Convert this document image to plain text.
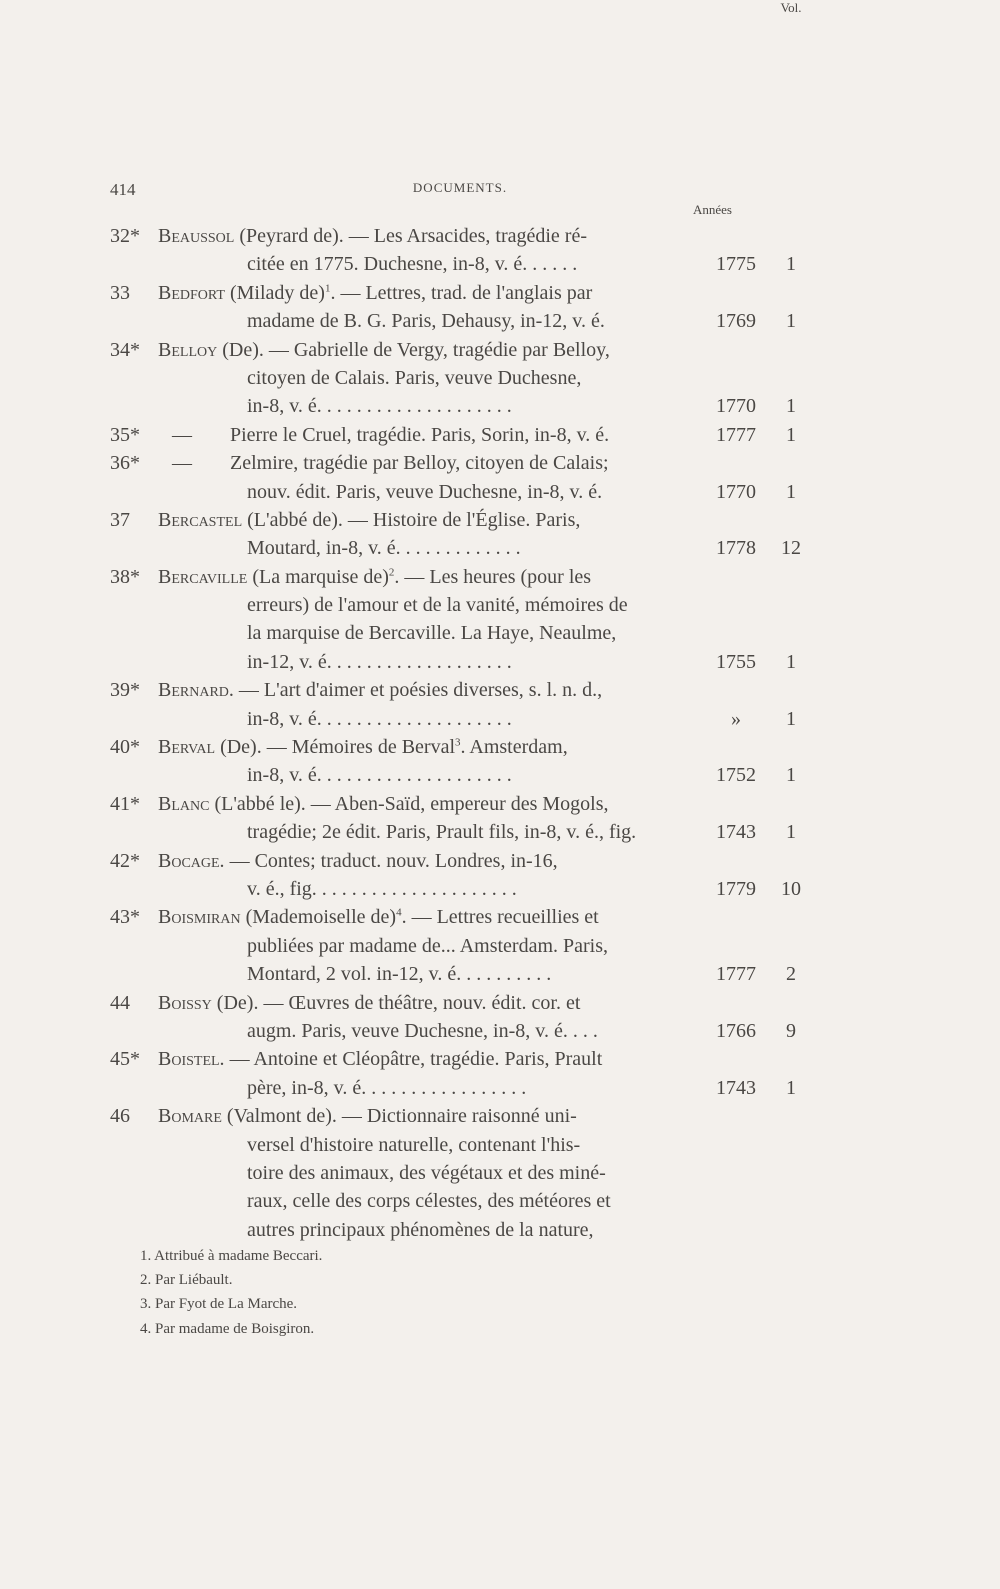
414	DOCUMENTS.
Années
Vol.
32* Beaussol (Peyrard de). — Les Arsacides, tragédie ré-
citée en 1775. Duchesne, in-8, v. é. . . . . .	1775	1
33 Bedfort (Milady de)$^1$. — Lettres, trad. de l'anglais par
madame de B. G. Paris, Dehausy, in-12, v. é.	1769	1
34* Belloy (De). — Gabrielle de Vergy, tragédie par Belloy,
citoyen de Calais. Paris, veuve Duchesne,
in-8, v. é. . . . . . . . . . . . . . . . . . . .	1770	1
35* — Pierre le Cruel, tragédie. Paris, Sorin, in-8, v. é.	1777	1
36* — Zelmire, tragédie par Belloy, citoyen de Calais;
nouv. édit. Paris, veuve Duchesne, in-8, v. é.	1770	1
37 Bercastel (L'abbé de). — Histoire de l'Église. Paris,
Moutard, in-8, v. é. . . . . . . . . . . . .	1778	12
38* Bercaville (La marquise de)$^2$. — Les heures (pour les
erreurs) de l'amour et de la vanité, mémoires de
la marquise de Bercaville. La Haye, Neaulme,
in-12, v. é. . . . . . . . . . . . . . . . . . .	1755	1
39* Bernard. — L'art d'aimer et poésies diverses, s. l. n. d.,
in-8, v. é. . . . . . . . . . . . . . . . . . . .	»	1
40* Berval (De). — Mémoires de Berval$^3$. Amsterdam,
in-8, v. é. . . . . . . . . . . . . . . . . . . .	1752	1
41* Blanc (L'abbé le). — Aben-Saïd, empereur des Mogols,
tragédie; 2e édit. Paris, Prault fils, in-8, v. é., fig.	1743	1
42* Bocage. — Contes; traduct. nouv. Londres, in-16,
v. é., fig. . . . . . . . . . . . . . . . . . . . .	1779	10
43* Boismiran (Mademoiselle de)$^4$. — Lettres recueillies et
publiées par madame de... Amsterdam. Paris,
Montard, 2 vol. in-12, v. é. . . . . . . . . .	1777	2
44 Boissy (De). — Œuvres de théâtre, nouv. édit. cor. et
augm. Paris, veuve Duchesne, in-8, v. é. . . .	1766	9
45* Boistel. — Antoine et Cléopâtre, tragédie. Paris, Prault
père, in-8, v. é. . . . . . . . . . . . . . . . .	1743	1
46 Bomare (Valmont de). — Dictionnaire raisonné uni-
versel d'histoire naturelle, contenant l'his-
toire des animaux, des végétaux et des miné-
raux, celle des corps célestes, des météores et
autres principaux phénomènes de la nature,
1. Attribué à madame Beccari.
2. Par Liébault.
3. Par Fyot de La Marche.
4. Par madame de Boisgiron.
